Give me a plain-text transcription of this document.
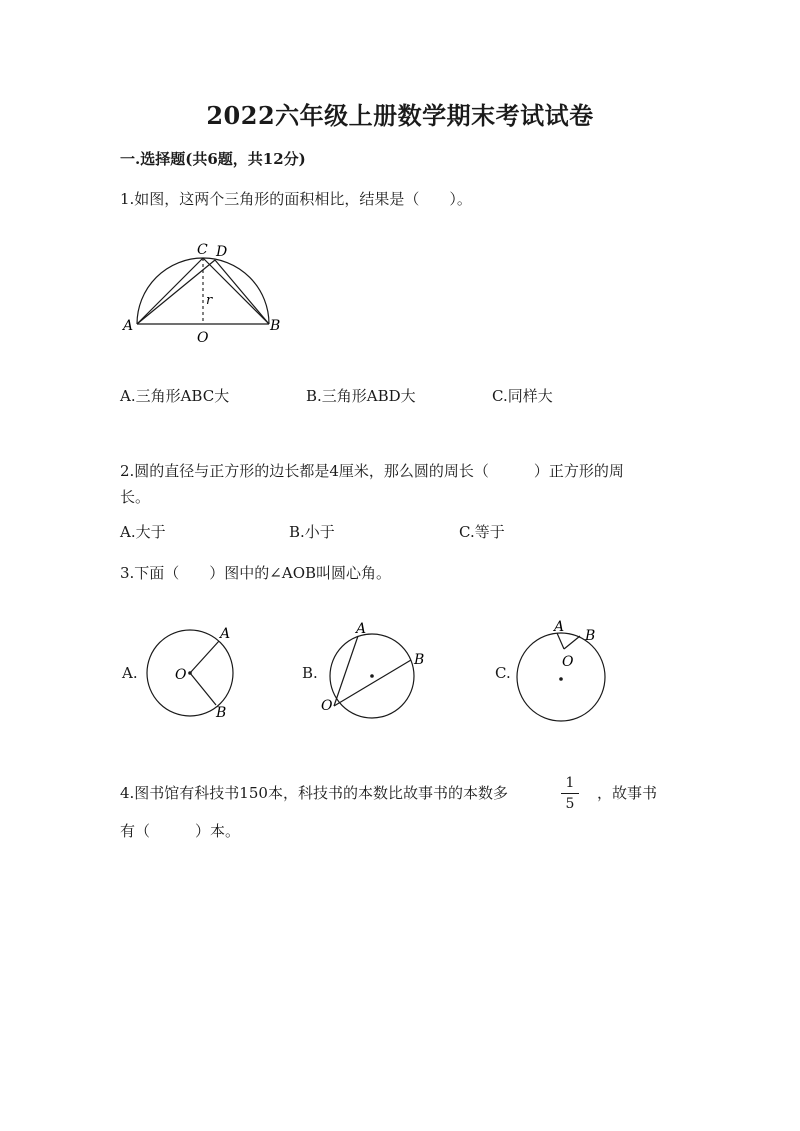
2022六年级上册数学期末考试试卷
一.选择题(共6题，共12分)
1.如图，这两个三角形的面积相比，结果是（　　）。
C D
A	B
O
r
A.三角形ABC大	B.三角形ABD大	C.同样大
2.圆的直径与正方形的边长都是4厘米，那么圆的周长（　　　）正方形的周
长。
A.大于	B.小于	C.等于
3.下面（　　）图中的∠AOB叫圆心角。
A.
A
B
O	B.
A
B
O
C.
A
B
O
4.图书馆有科技书150本，科技书的本数比故事书的本数多
1
5
，故事书
有（　　　）本。
